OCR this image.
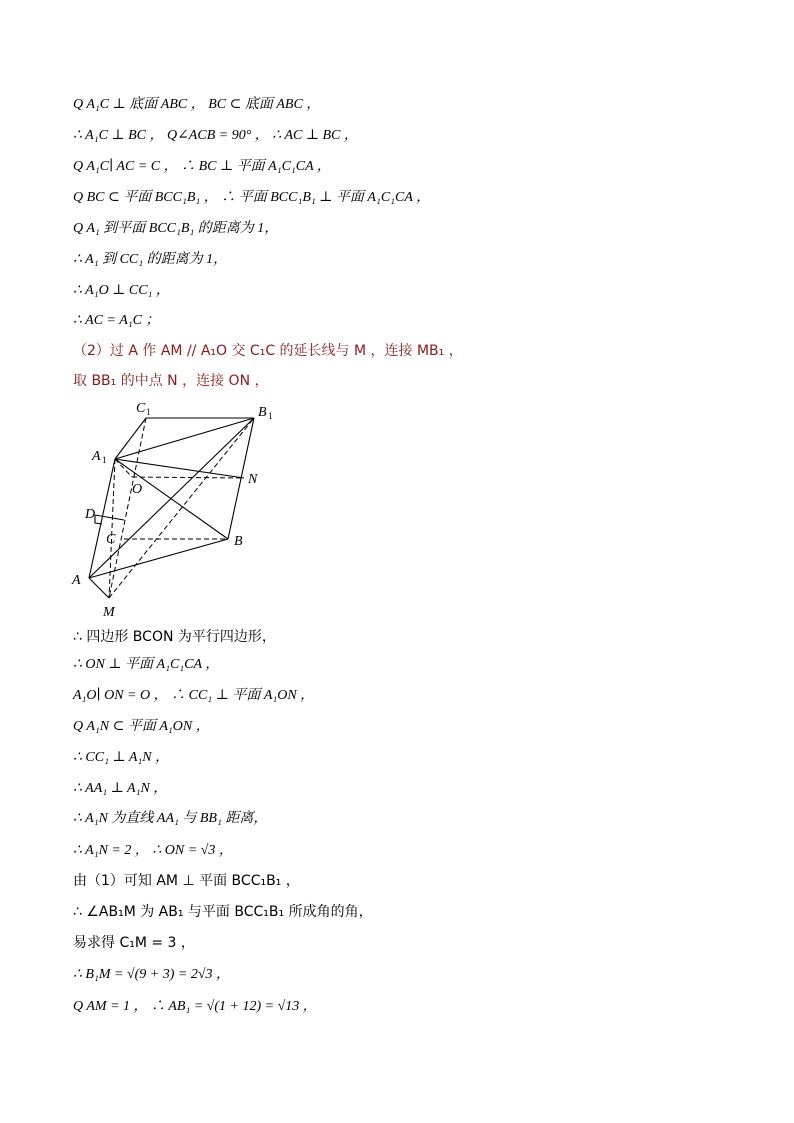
Q A₁C ⊥ 底面 ABC ， BC ⊂ 底面 ABC ，
∴ A₁C ⊥ BC ， Q∠ACB = 90° ， ∴ AC ⊥ BC ，
Q A₁C∣ AC = C ， ∴ BC ⊥ 平面 A₁C₁CA ，
Q BC ⊂ 平面 BCC₁B₁ ， ∴ 平面 BCC₁B₁ ⊥ 平面 A₁C₁CA ，
Q A₁ 到平面 BCC₁B₁ 的距离为 1，
∴ A₁ 到 CC₁ 的距离为 1，
∴ A₁O ⊥ CC₁ ，
∴ AC = A₁C ；
（2）过 A 作 AM // A₁O 交 C₁C 的延长线与 M ，连接 MB₁ ，
取 BB₁ 的中点 N ，连接 ON ，
C 1	B 1
A 1
O
N
D
C	B
A
M
∴ 四边形 BCON 为平行四边形，
∴ ON ⊥ 平面 A₁C₁CA ，
A₁O∣ ON = O ， ∴ CC₁ ⊥ 平面 A₁ON ，
Q A₁N ⊂ 平面 A₁ON ，
∴ CC₁ ⊥ A₁N ，
∴ AA₁ ⊥ A₁N ，
∴ A₁N 为直线 AA₁ 与 BB₁ 距离，
∴ A₁N = 2 ， ∴ ON = √3 ，
由（1）可知 AM ⊥ 平面 BCC₁B₁ ，
∴ ∠AB₁M 为 AB₁ 与平面 BCC₁B₁ 所成角的角，
易求得 C₁M = 3 ，
∴ B₁M = √(9 + 3) = 2√3 ，
Q AM = 1 ， ∴ AB₁ = √(1 + 12) = √13 ，
